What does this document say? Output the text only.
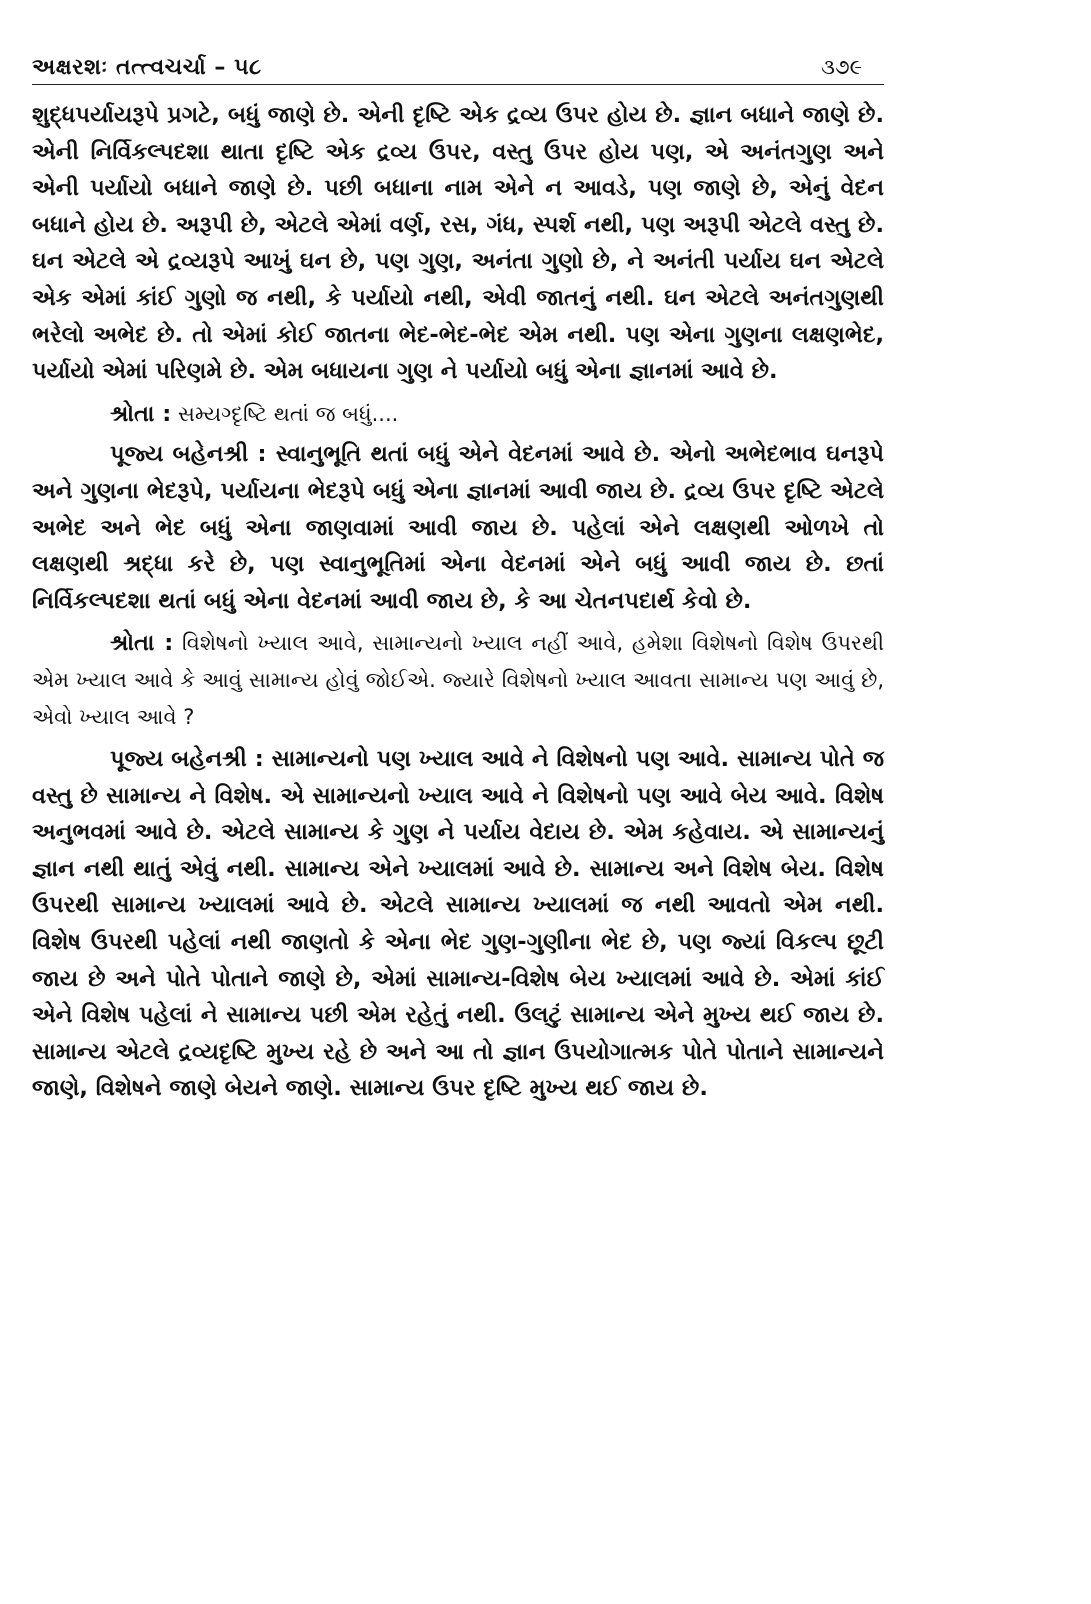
અક્ષરશઃ તત્ત્વચર્ચા – ૫૮	૩૭૯

શુદ્ધપર્યાયરૂપે પ્રગટે, બધું જાણે છે. એની દૃષ્ટિ એક દ્રવ્ય ઉપર હોય છે. જ્ઞાન બધાને જાણે છે. એની નિર્વિકલ્પદશા થાતા દૃષ્ટિ એક દ્રવ્ય ઉપર, વસ્તુ ઉપર હોય પણ, એ અનંતગુણ અને એની પર્યાયો બધાને જાણે છે. પછી બધાના નામ એને ન આવડે, પણ જાણે છે, એનું વેદન બધાને હોય છે. અરૂપી છે, એટલે એમાં વર્ણ, રસ, ગંધ, સ્પર્શ નથી, પણ અરૂપી એટલે વસ્તુ છે. ઘન એટલે એ દ્રવ્યરૂપે આખું ઘન છે, પણ ગુણ, અનંતા ગુણો છે, ને અનંતી પર્યાય ઘન એટલે એક એમાં કાંઈ ગુણો જ નથી, કે પર્યાયો નથી, એવી જાતનું નથી. ઘન એટલે અનંતગુણથી ભરેલો અભેદ છે. તો એમાં કોઈ જાતના ભેદ-ભેદ-ભેદ એમ નથી. પણ એના ગુણના લક્ષણભેદ, પર્યાયો એમાં પરિણમે છે. એમ બધાયના ગુણ ને પર્યાયો બધું એના જ્ઞાનમાં આવે છે.

શ્રોતા : સમ્યગ્દૃષ્ટિ થતાં જ બધું....

પૂજ્ય બહેનશ્રી : સ્વાનુભૂતિ થતાં બધું એને વેદનમાં આવે છે. એનો અભેદભાવ ઘનરૂપે અને ગુણના ભેદરૂપે, પર્યાયના ભેદરૂપે બધું એના જ્ઞાનમાં આવી જાય છે. દ્રવ્ય ઉપર દૃષ્ટિ એટલે અભેદ અને ભેદ બધું એના જાણવામાં આવી જાય છે. પહેલાં એને લક્ષણથી ઓળખે તો લક્ષણથી શ્રદ્ધા કરે છે, પણ સ્વાનુભૂતિમાં એના વેદનમાં એને બધું આવી જાય છે. છતાં નિર્વિકલ્પદશા થતાં બધું એના વેદનમાં આવી જાય છે, કે આ ચેતનપદાર્થ કેવો છે.

શ્રોતા : વિશેષનો ખ્યાલ આવે, સામાન્યનો ખ્યાલ નહીં આવે, હમેશા વિશેષનો વિશેષ ઉપરથી એમ ખ્યાલ આવે કે આવું સામાન્ય હોવું જોઈએ. જ્યારે વિશેષનો ખ્યાલ આવતા સામાન્ય પણ આવું છે, એવો ખ્યાલ આવે ?

પૂજ્ય બહેનશ્રી : સામાન્યનો પણ ખ્યાલ આવે ને વિશેષનો પણ આવે. સામાન્ય પોતે જ વસ્તુ છે સામાન્ય ને વિશેષ. એ સામાન્યનો ખ્યાલ આવે ને વિશેષનો પણ આવે બેય આવે. વિશેષ અનુભવમાં આવે છે. એટલે સામાન્ય કે ગુણ ને પર્યાય વેદાય છે. એમ કહેવાય. એ સામાન્યનું જ્ઞાન નથી થાતું એવું નથી. સામાન્ય એને ખ્યાલમાં આવે છે. સામાન્ય અને વિશેષ બેય. વિશેષ ઉપરથી સામાન્ય ખ્યાલમાં આવે છે. એટલે સામાન્ય ખ્યાલમાં જ નથી આવતો એમ નથી. વિશેષ ઉપરથી પહેલાં નથી જાણતો કે એના ભેદ ગુણ-ગુણીના ભેદ છે, પણ જ્યાં વિકલ્પ છૂટી જાય છે અને પોતે પોતાને જાણે છે, એમાં સામાન્ય-વિશેષ બેય ખ્યાલમાં આવે છે. એમાં કાંઈ એને વિશેષ પહેલાં ને સામાન્ય પછી એમ રહેતું નથી. ઉલટું સામાન્ય એને મુખ્ય થઈ જાય છે. સામાન્ય એટલે દ્રવ્યદૃષ્ટિ મુખ્ય રહે છે અને આ તો જ્ઞાન ઉપયોગાત્મક પોતે પોતાને સામાન્યને જાણે, વિશેષને જાણે બેયને જાણે. સામાન્ય ઉપર દૃષ્ટિ મુખ્ય થઈ જાય છે.
